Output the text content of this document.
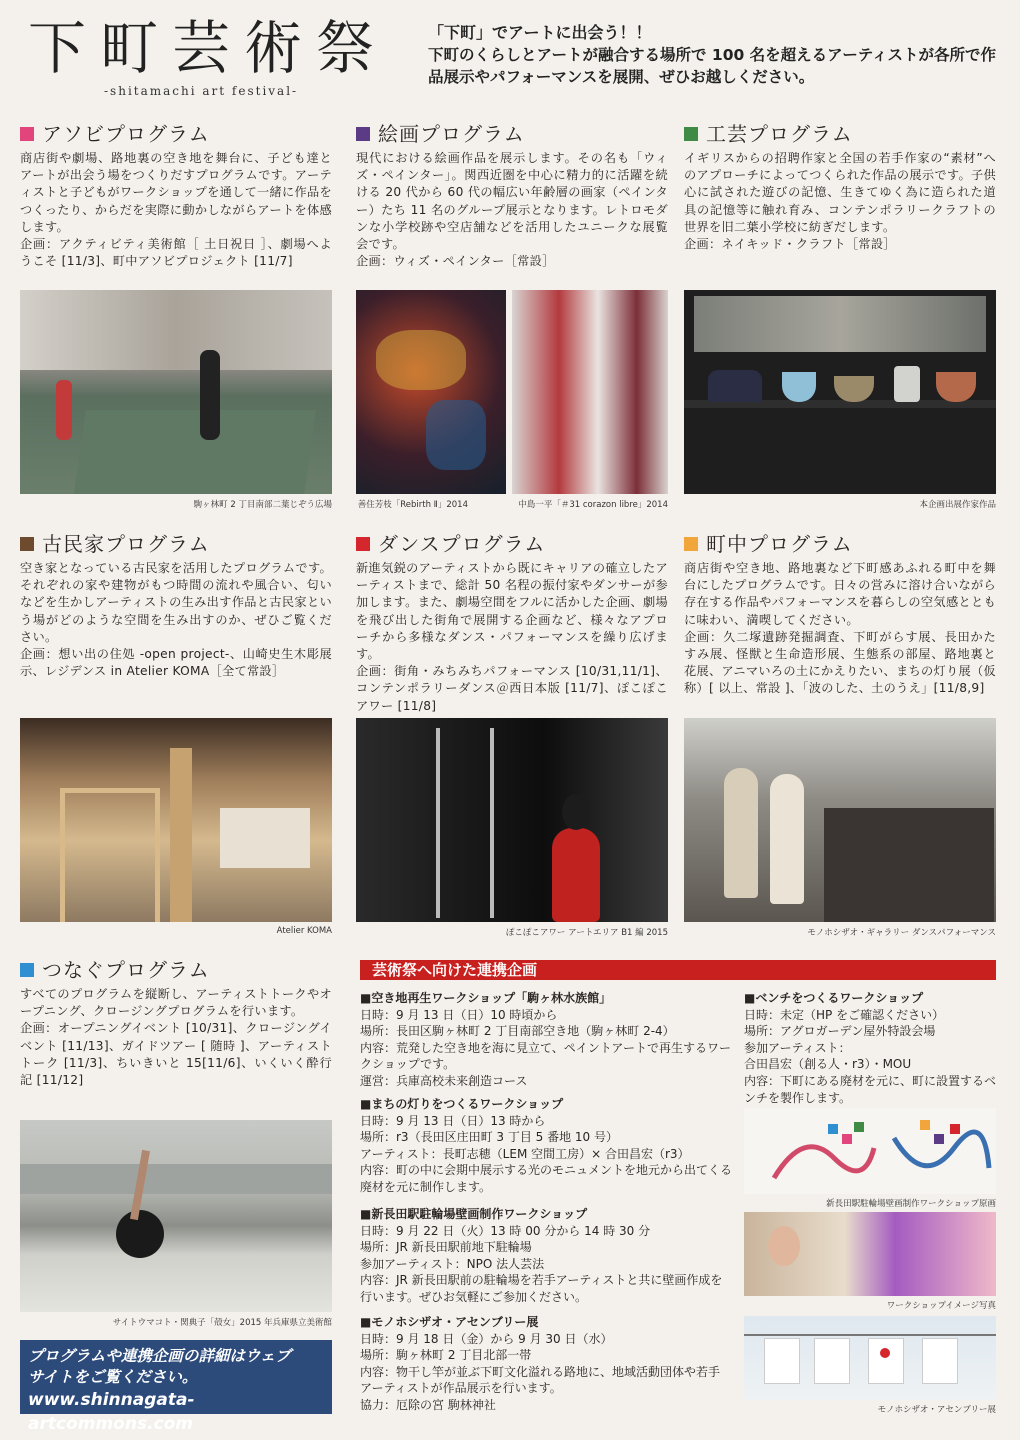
下町芸術祭
-shitamachi art festival-
「下町」でアートに出会う！！
下町のくらしとアートが融合する場所で 100 名を超えるアーティストが各所で作品展示やパフォーマンスを展開、ぜひお越しください。
アソビプログラム
商店街や劇場、路地裏の空き地を舞台に、子ども達とアートが出会う場をつくりだすプログラムです。アーティストと子どもがワークショップを通して一緒に作品をつくったり、からだを実際に動かしながらアートを体感します。
企画：アクティビティ美術館［ 土日祝日 ］、劇場へようこそ [11/3]、町中アソビプロジェクト [11/7]
絵画プログラム
現代における絵画作品を展示します。その名も「ウィズ・ペインター」。関西近圏を中心に精力的に活躍を続ける 20 代から 60 代の幅広い年齢層の画家（ペインター）たち 11 名のグループ展示となります。レトロモダンな小学校跡や空店舗などを活用したユニークな展覧会です。
企画：ウィズ・ペインター［常設］
工芸プログラム
イギリスからの招聘作家と全国の若手作家の“素材”へのアプローチによってつくられた作品の展示です。子供心に試された遊びの記憶、生きてゆく為に造られた道具の記憶等に触れ育み、コンテンポラリークラフトの世界を旧二葉小学校に紡ぎだします。
企画：ネイキッド・クラフト［常設］
駒ヶ林町 2 丁目南部二葉じぞう広場	善住芳枝「Rebirth Ⅱ」2014	中島一平「＃31 corazon libre」2014	本企画出展作家作品
古民家プログラム
空き家となっている古民家を活用したプログラムです。それぞれの家や建物がもつ時間の流れや風合い、匂いなどを生かしアーティストの生み出す作品と古民家という場がどのような空間を生み出すのか、ぜひご覧ください。
企画：想い出の住処 -open project-、山崎史生木彫展示、レジデンス in Atelier KOMA［全て常設］
ダンスプログラム
新進気鋭のアーティストから既にキャリアの確立したアーティストまで、総計 50 名程の振付家やダンサーが参加します。また、劇場空間をフルに活かした企画、劇場を飛び出した街角で展開する企画など、様々なアプローチから多様なダンス・パフォーマンスを繰り広げます。
企画：街角・みちみちパフォーマンス [10/31,11/1]、コンテンポラリーダンス＠西日本版 [11/7]、ぽこぽこアワー [11/8]
町中プログラム
商店街や空き地、路地裏など下町感あふれる町中を舞台にしたプログラムです。日々の営みに溶け合いながら存在する作品やパフォーマンスを暮らしの空気感とともに味わい、満喫してください。
企画：久二塚遺跡発掘調査、下町がらす展、長田かたすみ展、怪獣と生命造形展、生態系の部屋、路地裏と花展、アニマいろの土にかえりたい、まちの灯り展（仮称）[ 以上、常設 ]、「波のした、土のうえ」[11/8,9]
Atelier KOMA	ぽこぽこアワー アートエリア B1 編 2015	モノホシザオ・ギャラリー ダンスパフォーマンス
つなぐプログラム
すべてのプログラムを縦断し、アーティストトークやオープニング、クロージングプログラムを行います。
企画：オープニングイベント [10/31]、クロージングイベント [11/13]、ガイドツアー [ 随時 ]、アーティストトーク [11/3]、ちいきいと 15[11/6]、いくいく酔行記 [11/12]
サイトウマコト・関典子「殻女」2015 年兵庫県立美術館
プログラムや連携企画の詳細はウェブ
サイトをご覧ください。
www.shinnagata-artcommons.com
芸術祭へ向けた連携企画
■空き地再生ワークショップ「駒ヶ林水族館」
日時：9 月 13 日（日）10 時頃から
場所：長田区駒ヶ林町 2 丁目南部空き地（駒ヶ林町 2-4）
内容：荒発した空き地を海に見立て、ペイントアートで再生するワークショップです。
運営：兵庫高校未来創造コース
■まちの灯りをつくるワークショップ
日時：9 月 13 日（日）13 時から
場所：r3（長田区庄田町 3 丁目 5 番地 10 号）
アーティスト：長町志穂（LEM 空間工房）× 合田昌宏（r3）
内容：町の中に会期中展示する光のモニュメントを地元から出てくる廃材を元に制作します。
■新長田駅駐輪場壁画制作ワークショップ
日時：9 月 22 日（火）13 時 00 分から 14 時 30 分
場所：JR 新長田駅前地下駐輪場
参加アーティスト：NPO 法人芸法
内容：JR 新長田駅前の駐輪場を若手アーティストと共に壁画作成を行います。ぜひお気軽にご参加ください。
■モノホシザオ・アセンブリー展
日時：9 月 18 日（金）から 9 月 30 日（水）
場所：駒ヶ林町 2 丁目北部一帯
内容：物干し竿が並ぶ下町文化溢れる路地に、地域活動団体や若手アーティストが作品展示を行います。
協力：厄除の宮 駒林神社
■ベンチをつくるワークショップ
日時：未定（HP をご確認ください）
場所：アグロガーデン屋外特設会場
参加アーティスト：
合田昌宏（創る人・r3）・MOU
内容：下町にある廃材を元に、町に設置するベンチを製作します。
新長田駅駐輪場壁画制作ワークショップ原画
ワークショップイメージ写真
モノホシザオ・アセンブリー展
